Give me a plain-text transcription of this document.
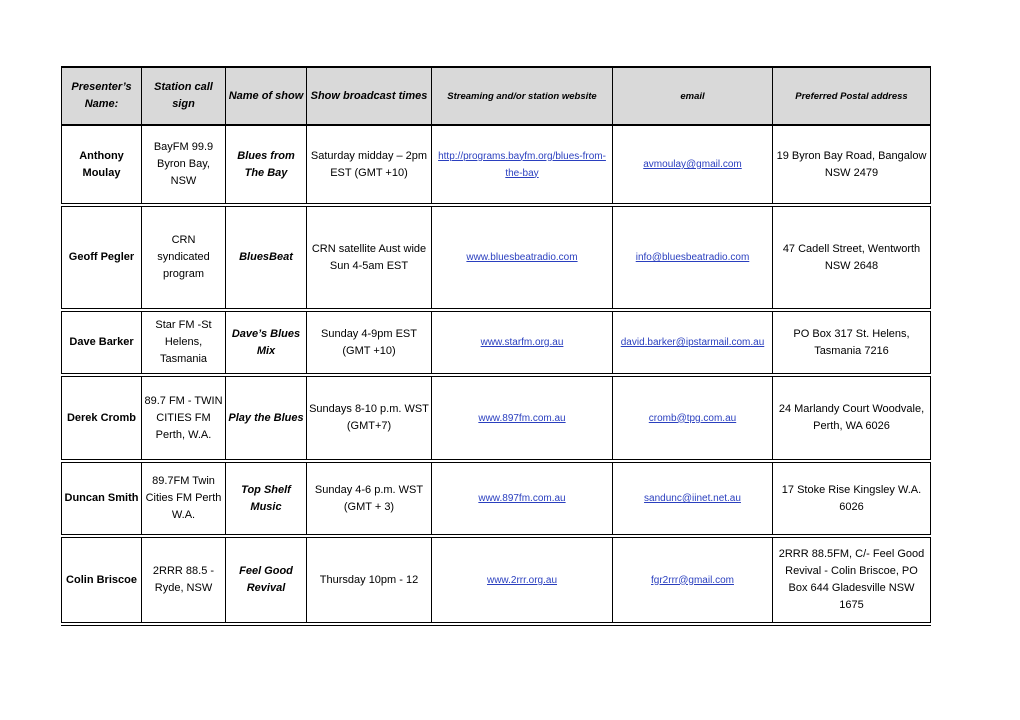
Presenter’s Name:	Station call sign	Name of show	Show broadcast times	Streaming and/or station website	email	Preferred Postal address
Anthony Moulay	BayFM 99.9 Byron Bay, NSW	Blues from The Bay	Saturday midday – 2pm EST (GMT +10)	http://programs.bayfm.org/blues-from-the-bay	avmoulay@gmail.com	19 Byron Bay Road, Bangalow NSW 2479
Geoff Pegler	CRN syndicated program	BluesBeat	CRN satellite Aust wide Sun 4-5am EST	www.bluesbeatradio.com	info@bluesbeatradio.com	47 Cadell Street, Wentworth NSW 2648
Dave Barker	Star FM -St Helens, Tasmania	Dave’s Blues Mix	Sunday 4-9pm EST (GMT +10)	www.starfm.org.au	david.barker@ipstarmail.com.au	PO Box 317 St. Helens, Tasmania 7216
Derek Cromb	89.7 FM - TWIN CITIES FM Perth, W.A.	Play the Blues	Sundays 8-10 p.m. WST (GMT+7)	www.897fm.com.au	cromb@tpg.com.au	24 Marlandy Court Woodvale, Perth, WA 6026
Duncan Smith	89.7FM Twin Cities FM Perth W.A.	Top Shelf Music	Sunday 4-6 p.m. WST (GMT + 3)	www.897fm.com.au	sandunc@iinet.net.au	17 Stoke Rise Kingsley W.A. 6026
Colin Briscoe	2RRR 88.5 - Ryde, NSW	Feel Good Revival	Thursday 10pm - 12	www.2rrr.org.au	fgr2rrr@gmail.com	2RRR 88.5FM, C/- Feel Good Revival - Colin Briscoe, PO Box 644 Gladesville NSW 1675
